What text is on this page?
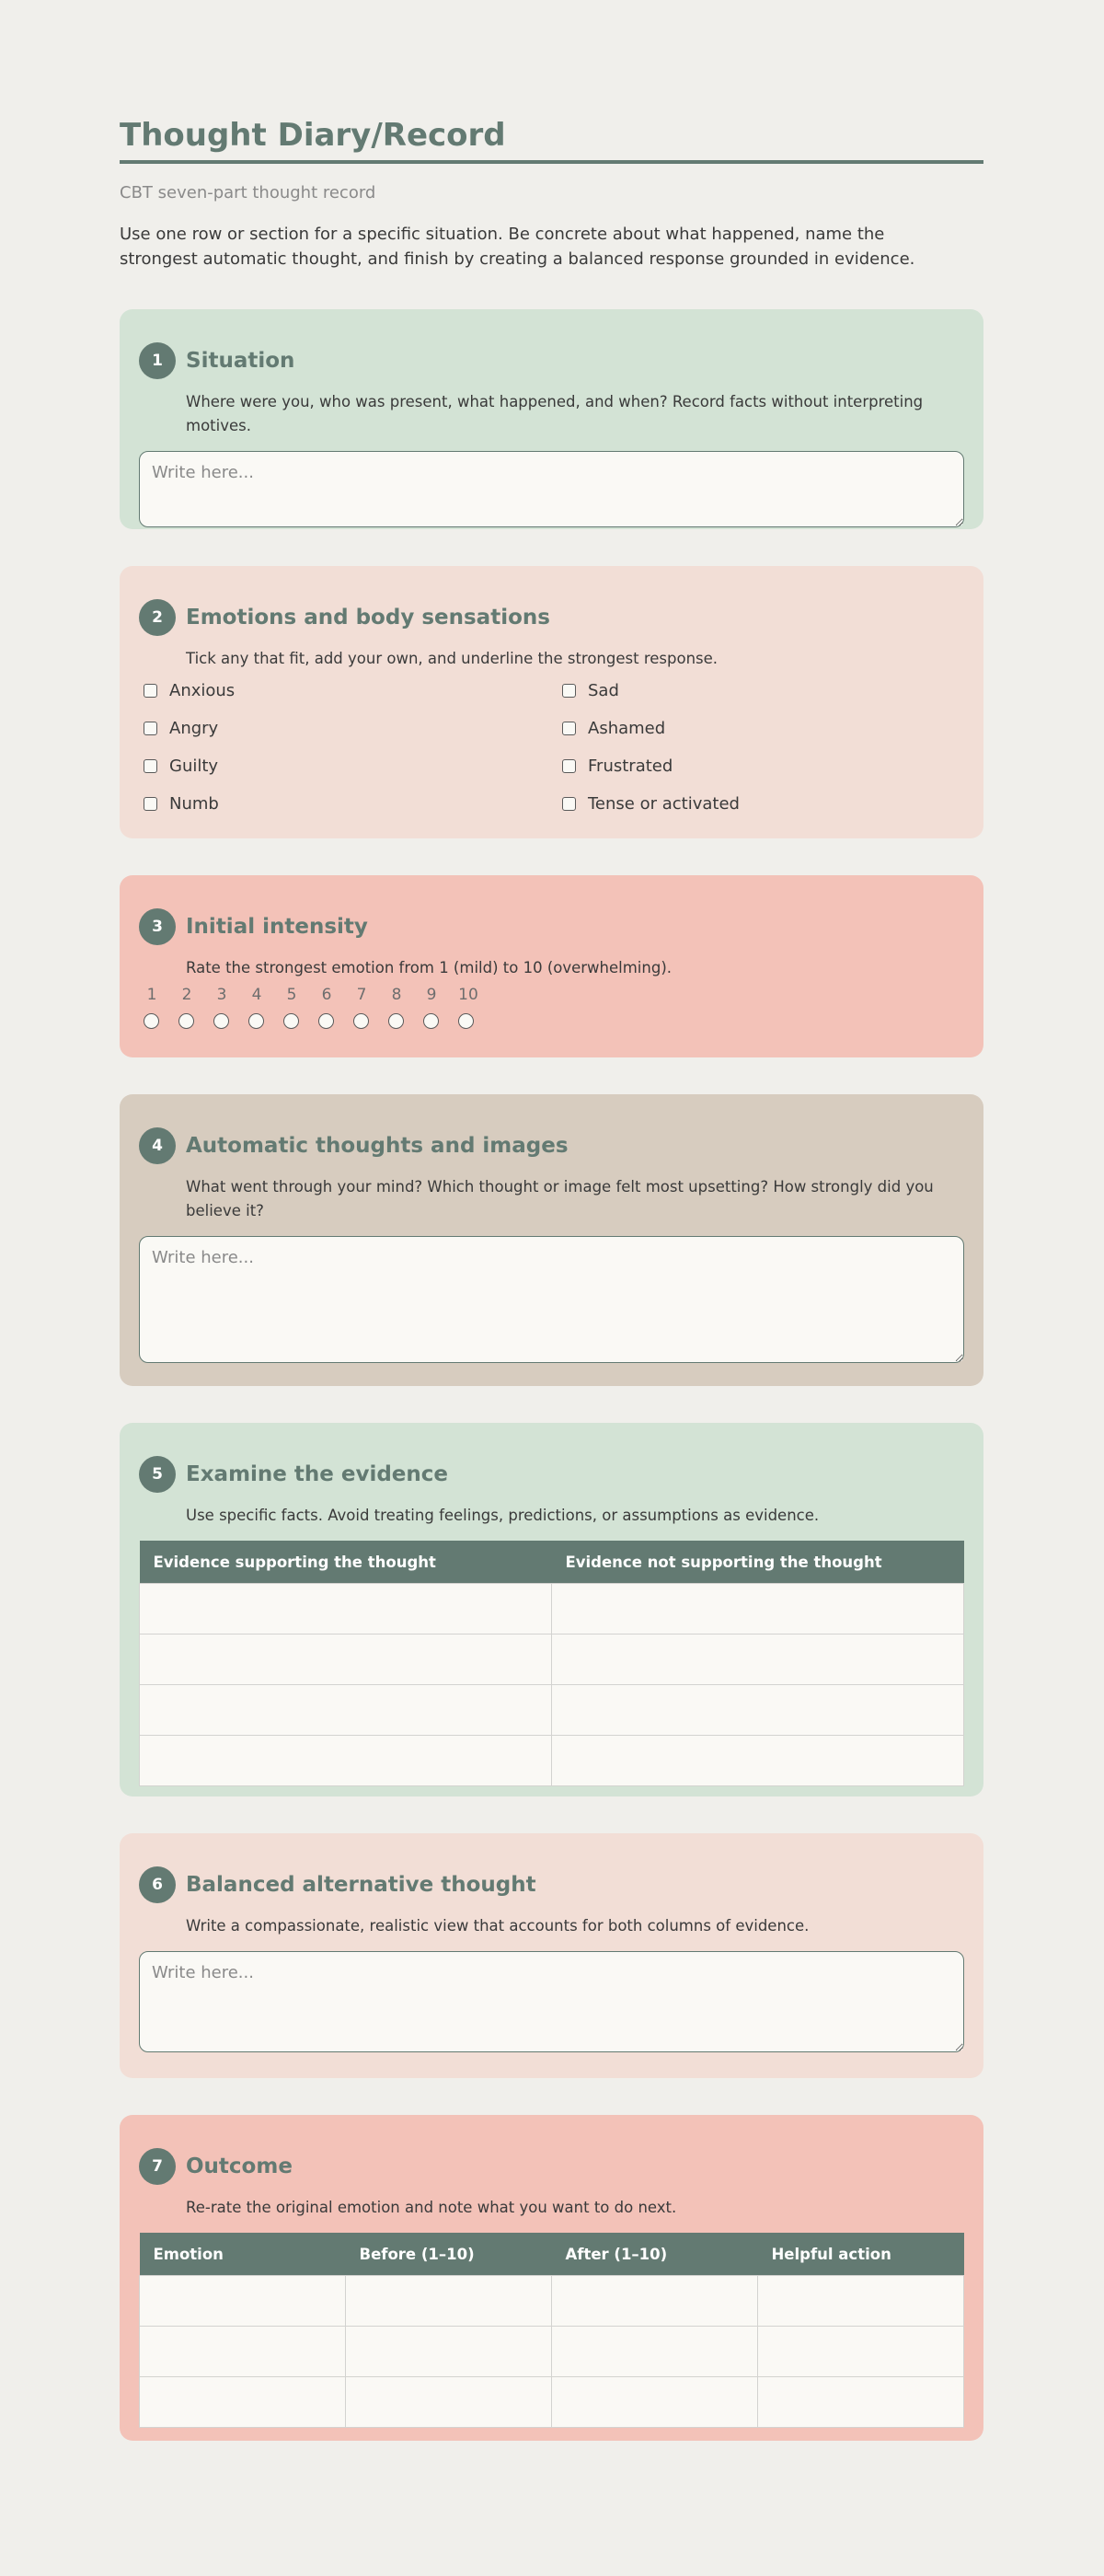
Thought Diary/Record

CBT seven-part thought record

Use one row or section for a specific situation. Be concrete about what happened, name the strongest automatic thought, and finish by creating a balanced response grounded in evidence.

1	Situation
Where were you, who was present, what happened, and when? Record facts without interpreting motives.
Write here...
2	Emotions and body sensations
Tick any that fit, add your own, and underline the strongest response.
Anxious	Sad
Angry	Ashamed
Guilty	Frustrated
Numb	Tense or activated
3	Initial intensity
Rate the strongest emotion from 1 (mild) to 10 (overwhelming).
1 2 3 4 5 6 7 8 9 10
4	Automatic thoughts and images
What went through your mind? Which thought or image felt most upsetting? How strongly did you believe it?
Write here...
5	Examine the evidence
Use specific facts. Avoid treating feelings, predictions, or assumptions as evidence.
Evidence supporting the thought	Evidence not supporting the thought

6	Balanced alternative thought
Write a compassionate, realistic view that accounts for both columns of evidence.
Write here...
7	Outcome
Re-rate the original emotion and note what you want to do next.
Emotion	Before (1–10)	After (1–10)	Helpful action
